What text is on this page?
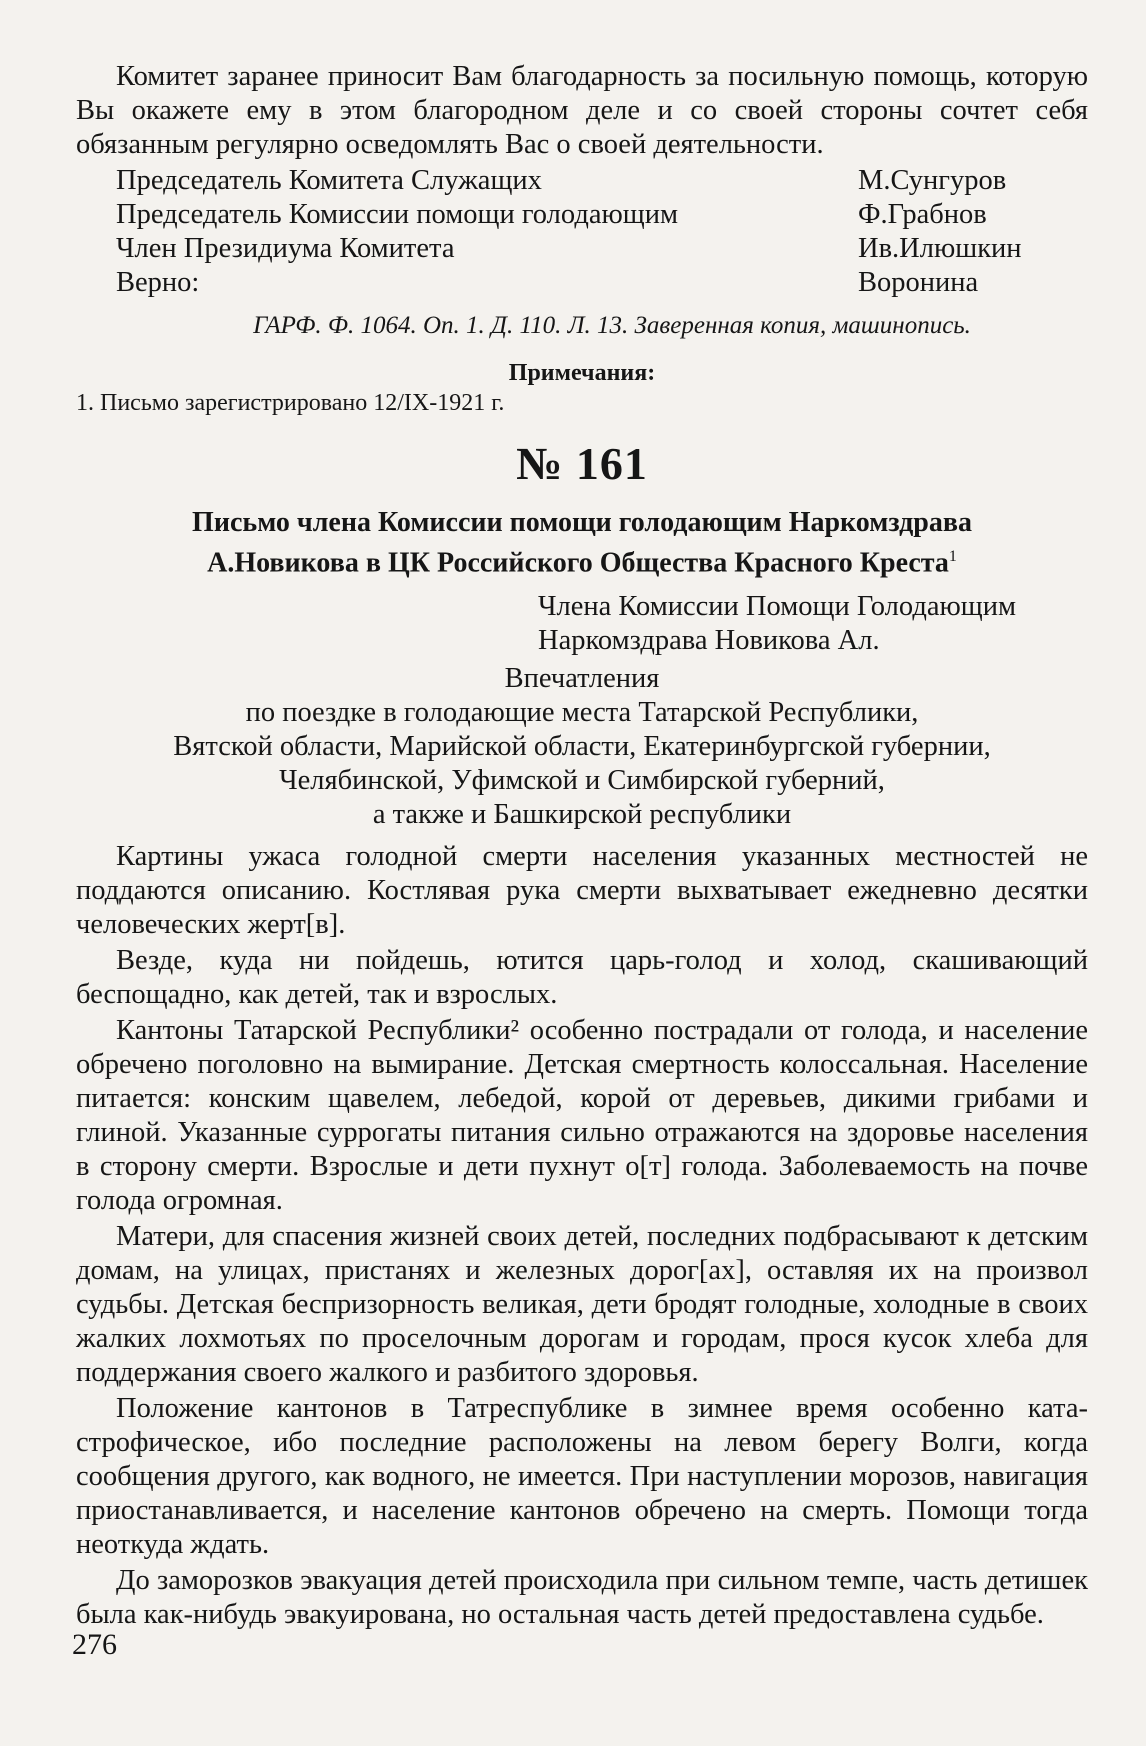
Комитет заранее приносит Вам благодарность за посильную помощь, которую Вы окажете ему в этом благородном деле и со своей стороны сочтет себя обязанным регулярно осведомлять Вас о своей деятельности.

Председатель Комитета Служащих	М.Сунгуров
Председатель Комиссии помощи голодающим	Ф.Грабнов
Член Президиума Комитета	Ив.Илюшкин
Верно:	Воронина
ГАРФ. Ф. 1064. Оп. 1. Д. 110. Л. 13. Заверенная копия, машинопись.
Примечания:

1. Письмо зарегистрировано 12/IX-1921 г.

№ 161
Письмо члена Комиссии помощи голодающим Наркомздрава
А.Новикова в ЦК Российского Общества Красного Креста$^1$
Члена Комиссии Помощи Голодающим
Наркомздрава Новикова Ал.
Впечатления
по поездке в голодающие места Татарской Республики,
Вятской области, Марийской области, Екатеринбургской губернии,
Челябинской, Уфимской и Симбирской губерний,
а также и Башкирской республики

Картины ужаса голодной смерти населения указанных местностей не поддаются описанию. Костлявая рука смерти выхватывает ежедневно десятки человеческих жерт[в].

Везде, куда ни пойдешь, ютится царь-голод и холод, скашивающий беспощадно, как детей, так и взрослых.

Кантоны Татарской Республики² особенно пострадали от голода, и население обречено поголовно на вымирание. Детская смертность колоссальная. Население питается: конским щавелем, лебедой, корой от деревьев, дикими грибами и глиной. Указанные суррогаты питания сильно отражаются на здоровье населения в сторону смерти. Взрослые и дети пухнут о[т] голода. Заболеваемость на почве голода огромная.

Матери, для спасения жизней своих детей, последних подбрасывают к детским домам, на улицах, пристанях и железных дорог[ах], оставляя их на произвол судьбы. Детская беспризорность великая, дети бродят голодные, холодные в своих жалких лохмотьях по проселочным дорогам и городам, прося кусок хлеба для поддержания своего жалкого и разбитого здоровья.

Положение кантонов в Татреспублике в зимнее время особенно катастрофическое, ибо последние расположены на левом берегу Волги, когда сообщения другого, как водного, не имеется. При наступлении морозов, навигация приостанавливается, и население кантонов обречено на смерть. Помощи тогда неоткуда ждать.

До заморозков эвакуация детей происходила при сильном темпе, часть детишек была как-нибудь эвакуирована, но остальная часть детей предоставлена судьбе.

276
